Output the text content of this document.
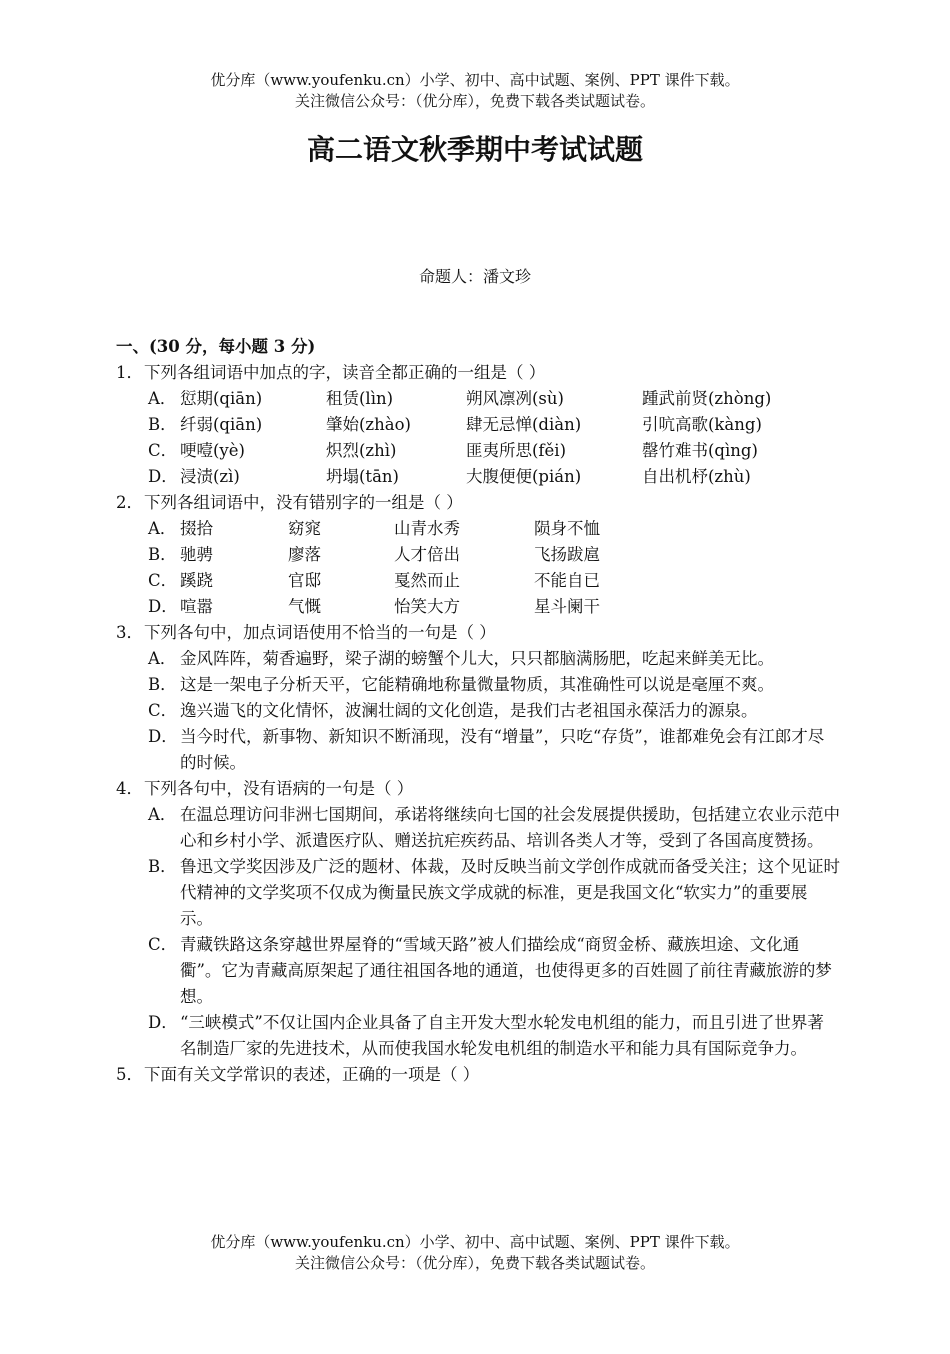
优分库（www.youfenku.cn）小学、初中、高中试题、案例、PPT 课件下载。
关注微信公众号：（优分库），免费下载各类试题试卷。
高二语文秋季期中考试试题
命题人：潘文珍
一、(30 分，每小题 3 分)
1．下列各组词语中加点的字，读音全都正确的一组是（ ）
A． 愆期(qiān)	租赁(lìn)	朔风凛冽(sù)	踵武前贤(zhòng)
B． 纤弱(qiān)	肇始(zhào)	肆无忌惮(diàn)	引吭高歌(kàng)
C． 哽噎(yè)	炽烈(zhì)	匪夷所思(fěi)	罄竹难书(qìng)
D． 浸渍(zì)	坍塌(tān)	大腹便便(pián)	自出机杼(zhù)
2．下列各组词语中，没有错别字的一组是（ ）
A． 掇拾	窈窕	山青水秀	陨身不恤
B． 驰骋	廖落	人才倍出	飞扬跋扈
C． 蹊跷	官邸	戛然而止	不能自已
D． 喧嚣	气慨	怡笑大方	星斗阑干
3．下列各句中，加点词语使用不恰当的一句是（ ）
A． 金风阵阵，菊香遍野，梁子湖的螃蟹个儿大，只只都脑满肠肥，吃起来鲜美无比。
B． 这是一架电子分析天平，它能精确地称量微量物质，其准确性可以说是毫厘不爽。
C． 逸兴遄飞的文化情怀，波澜壮阔的文化创造，是我们古老祖国永葆活力的源泉。
D． 当今时代，新事物、新知识不断涌现，没有“增量”，只吃“存货”，谁都难免会有江郎才尽的时候。
4．下列各句中，没有语病的一句是（ ）
A． 在温总理访问非洲七国期间，承诺将继续向七国的社会发展提供援助，包括建立农业示范中心和乡村小学、派遣医疗队、赠送抗疟疾药品、培训各类人才等，受到了各国高度赞扬。
B． 鲁迅文学奖因涉及广泛的题材、体裁，及时反映当前文学创作成就而备受关注；这个见证时代精神的文学奖项不仅成为衡量民族文学成就的标准，更是我国文化“软实力”的重要展示。
C． 青藏铁路这条穿越世界屋脊的“雪域天路”被人们描绘成“商贸金桥、藏族坦途、文化通衢”。它为青藏高原架起了通往祖国各地的通道，也使得更多的百姓圆了前往青藏旅游的梦想。
D． “三峡模式”不仅让国内企业具备了自主开发大型水轮发电机组的能力，而且引进了世界著名制造厂家的先进技术，从而使我国水轮发电机组的制造水平和能力具有国际竞争力。
5．下面有关文学常识的表述，正确的一项是（ ）
优分库（www.youfenku.cn）小学、初中、高中试题、案例、PPT 课件下载。
关注微信公众号：（优分库），免费下载各类试题试卷。
